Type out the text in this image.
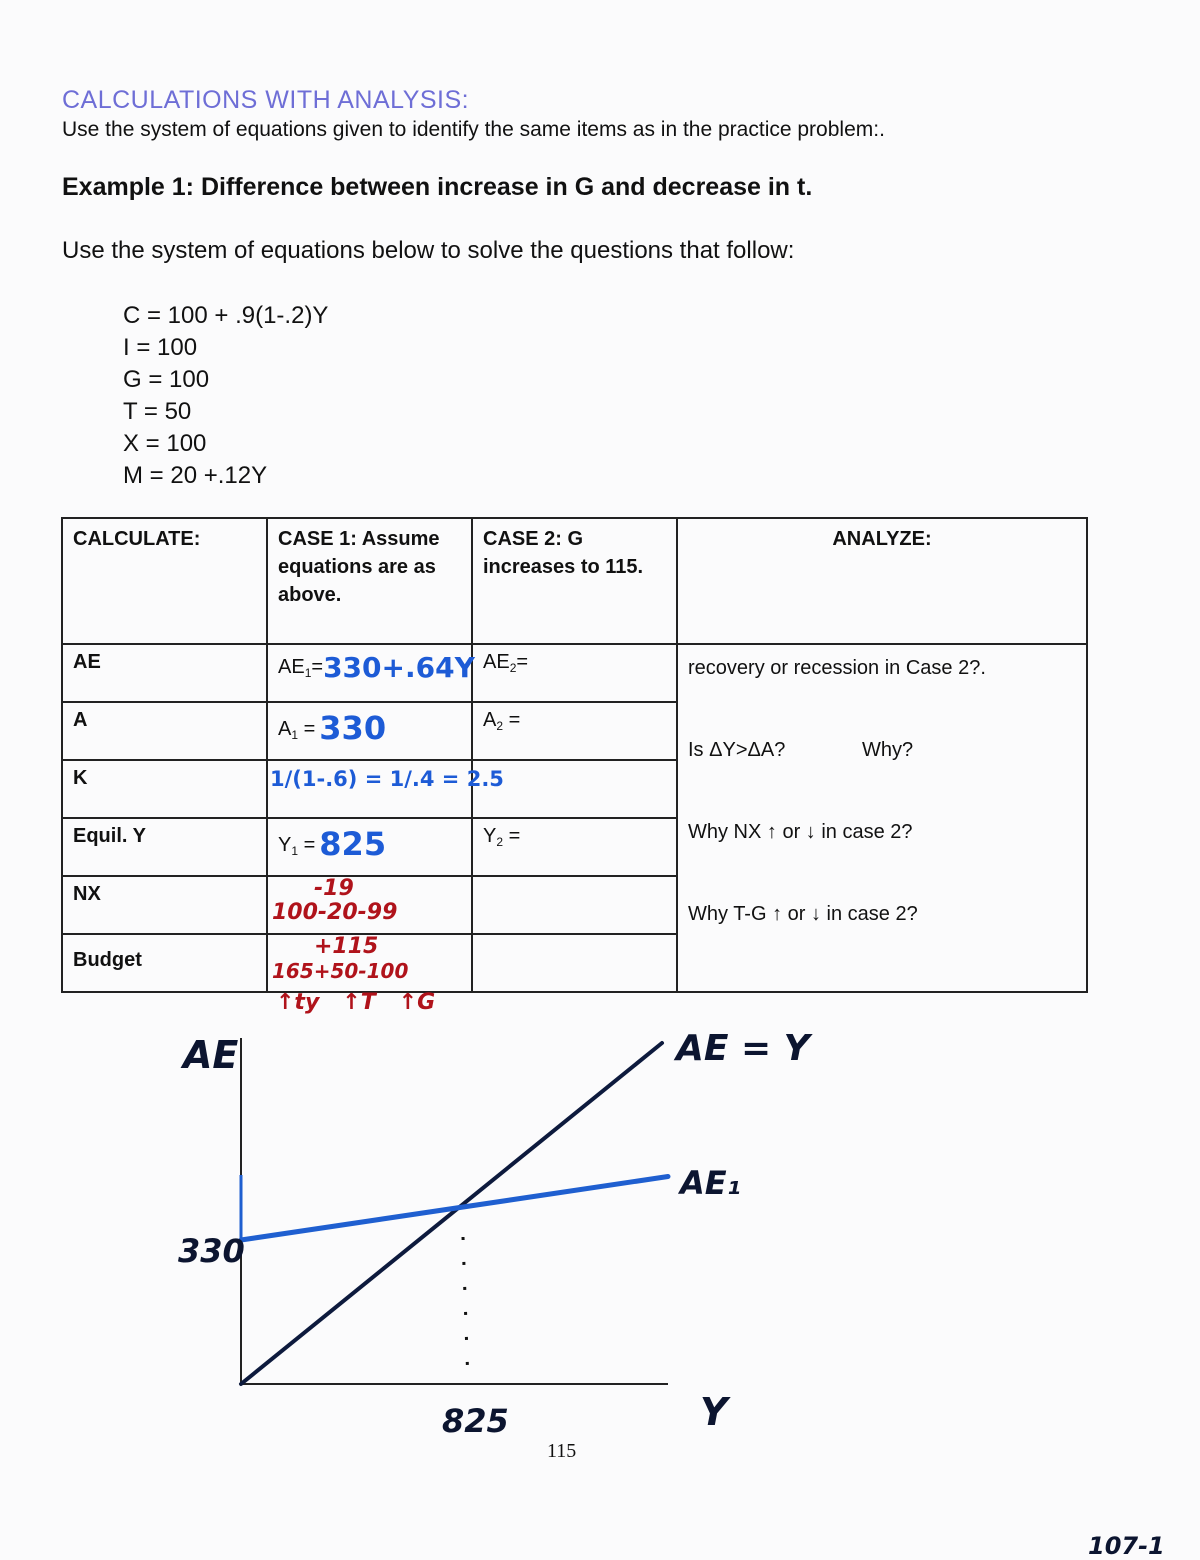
CALCULATIONS WITH ANALYSIS:
Use the system of equations given to identify the same items as in the practice problem:.
Example 1: Difference between increase in G and decrease in t.
Use the system of equations below to solve the questions that follow:
C = 100 + .9(1-.2)Y
I = 100
G = 100
T = 50
X = 100
M = 20 +.12Y
CALCULATE:	CASE 1: Assume equations are as above.	CASE 2: G increases to 115.	ANALYZE:
AE	$AE_1=330+.64Y$	$AE_2=$	recovery or recession in Case 2?.
Is ΔY>ΔA? Why?
Why NX ↑ or ↓ in case 2?
Why T-G ↑ or ↓ in case 2?

A	$A_1 = 330$	$A_2$ =	
K	1/(1-.6) = 1/.4 = 2.5		
Equil. Y	$Y_1 = 825$	$Y_2$ =	
NX	-19
100-20-99		

Budget	+115
165+50-100		

↑ty   ↑T   ↑G
AE
Y
AE = Y
AE₁
330
825
115
107-1
